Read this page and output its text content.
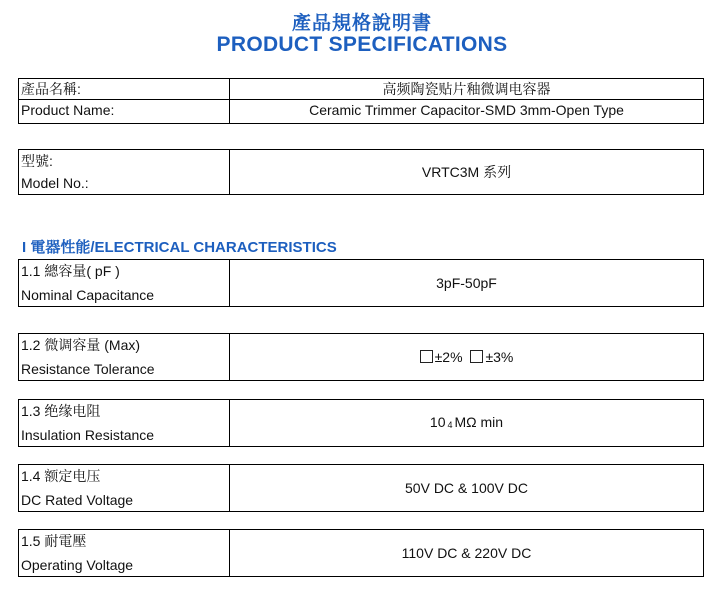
產品規格說明書
PRODUCT SPECIFICATIONS
產品名稱:
Product Name:
高频陶瓷贴片釉微调电容器
Ceramic Trimmer Capacitor-SMD 3mm-Open Type
型號:
Model No.:
VRTC3M 系列
I 電器性能/ELECTRICAL CHARACTERISTICS
1.1 總容量( pF )
Nominal Capacitance
3pF-50pF
1.2 微调容量 (Max)
Resistance Tolerance
±2% ±3%
1.3 绝缘电阻
Insulation Resistance
10 4 MΩ min
1.4 额定电压
DC Rated Voltage
50V DC & 100V DC
1.5 耐電壓
Operating Voltage
110V DC & 220V DC
